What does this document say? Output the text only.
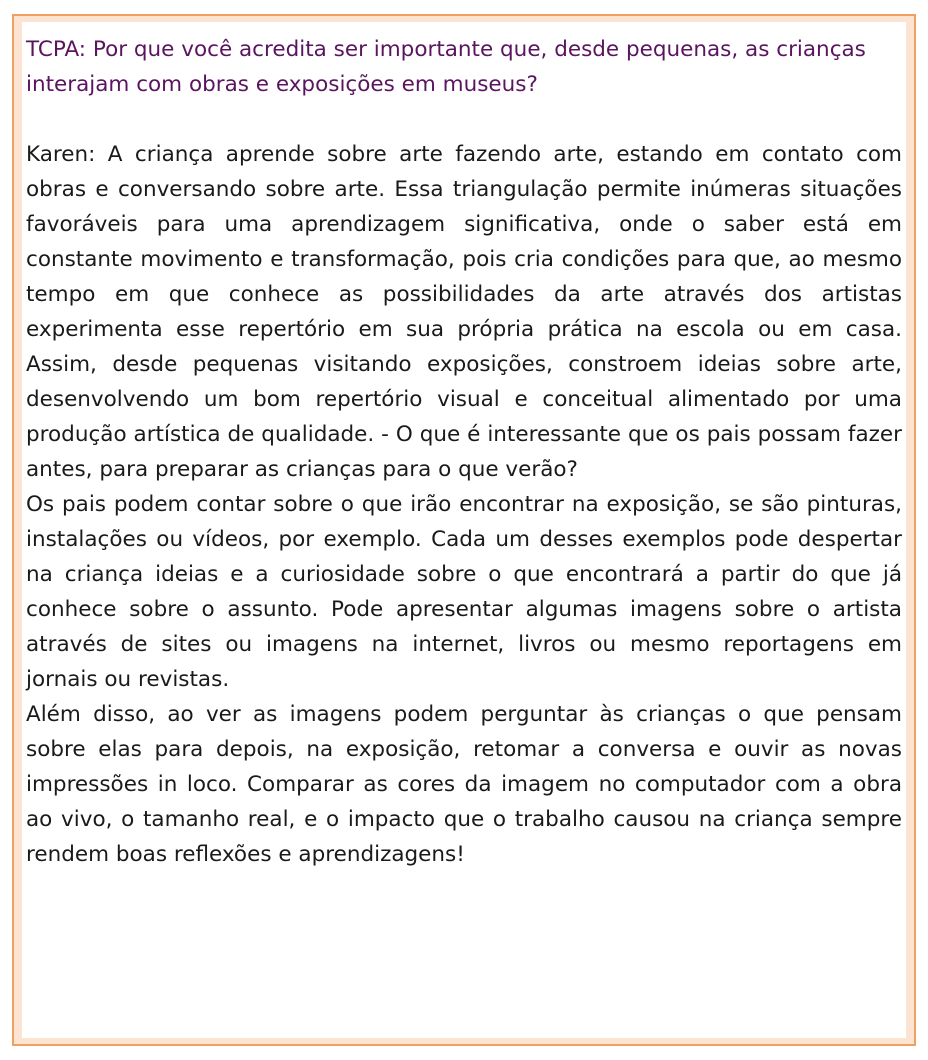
TCPA: Por que você acredita ser importante que, desde pequenas, as crianças interajam com obras e exposições em museus?

Karen: A criança aprende sobre arte fazendo arte, estando em contato com obras e conversando sobre arte. Essa triangulação permite inúmeras situações favoráveis para uma aprendizagem significativa, onde o saber está em constante movimento e transformação, pois cria condições para que, ao mesmo tempo em que conhece as possibilidades da arte através dos artistas experimenta esse repertório em sua própria prática na escola ou em casa. Assim, desde pequenas visitando exposições, constroem ideias sobre arte, desenvolvendo um bom repertório visual e conceitual alimentado por uma produção artística de qualidade. - O que é interessante que os pais possam fazer antes, para preparar as crianças para o que verão?

Os pais podem contar sobre o que irão encontrar na exposição, se são pinturas, instalações ou vídeos, por exemplo. Cada um desses exemplos pode despertar na criança ideias e a curiosidade sobre o que encontrará a partir do que já conhece sobre o assunto. Pode apresentar algumas imagens sobre o artista através de sites ou imagens na internet, livros ou mesmo reportagens em jornais ou revistas.

Além disso, ao ver as imagens podem perguntar às crianças o que pensam sobre elas para depois, na exposição, retomar a conversa e ouvir as novas impressões in loco. Comparar as cores da imagem no computador com a obra ao vivo, o tamanho real, e o impacto que o trabalho causou na criança sempre rendem boas reflexões e aprendizagens!
